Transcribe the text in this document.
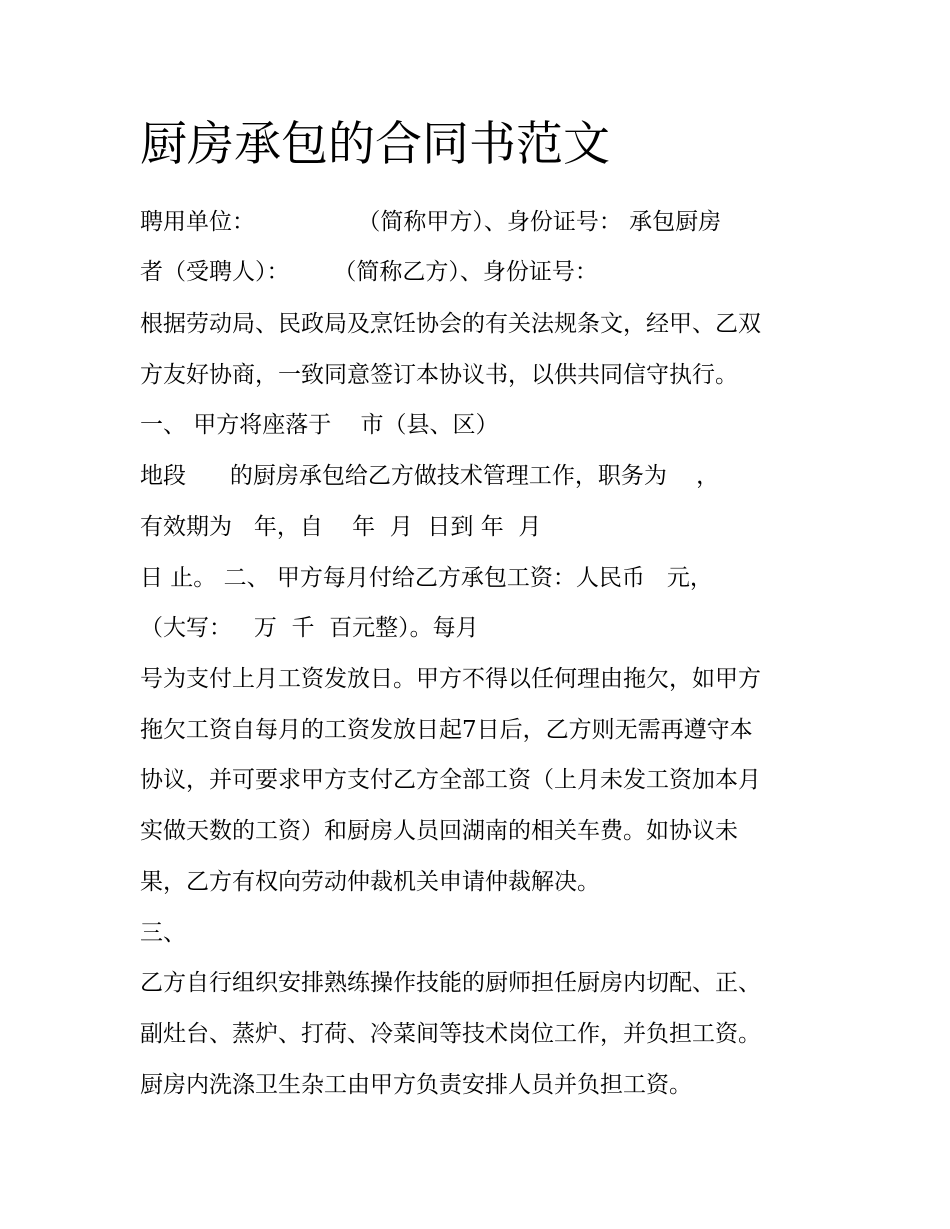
厨房承包的合同书范文

聘用单位：              （简称甲方）、身份证号： 承包厨房

者（受聘人）：      （简称乙方）、身份证号：

根据劳动局、民政局及烹饪协会的有关法规条文，经甲、乙双

方友好协商，一致同意签订本协议书，以供共同信守执行。

一、 甲方将座落于    市（县、区）

地段      的厨房承包给乙方做技术管理工作，职务为    ，

有效期为   年，自    年  月  日到 年  月

日 止。 二、 甲方每月付给乙方承包工资：人民币   元，

（大写：   万  千  百元整）。每月

号为支付上月工资发放日。甲方不得以任何理由拖欠，如甲方

拖欠工资自每月的工资发放日起7日后，乙方则无需再遵守本

协议，并可要求甲方支付乙方全部工资（上月未发工资加本月

实做天数的工资）和厨房人员回湖南的相关车费。如协议未

果，乙方有权向劳动仲裁机关申请仲裁解决。

三、

乙方自行组织安排熟练操作技能的厨师担任厨房内切配、正、

副灶台、蒸炉、打荷、冷菜间等技术岗位工作，并负担工资。

厨房内洗涤卫生杂工由甲方负责安排人员并负担工资。
